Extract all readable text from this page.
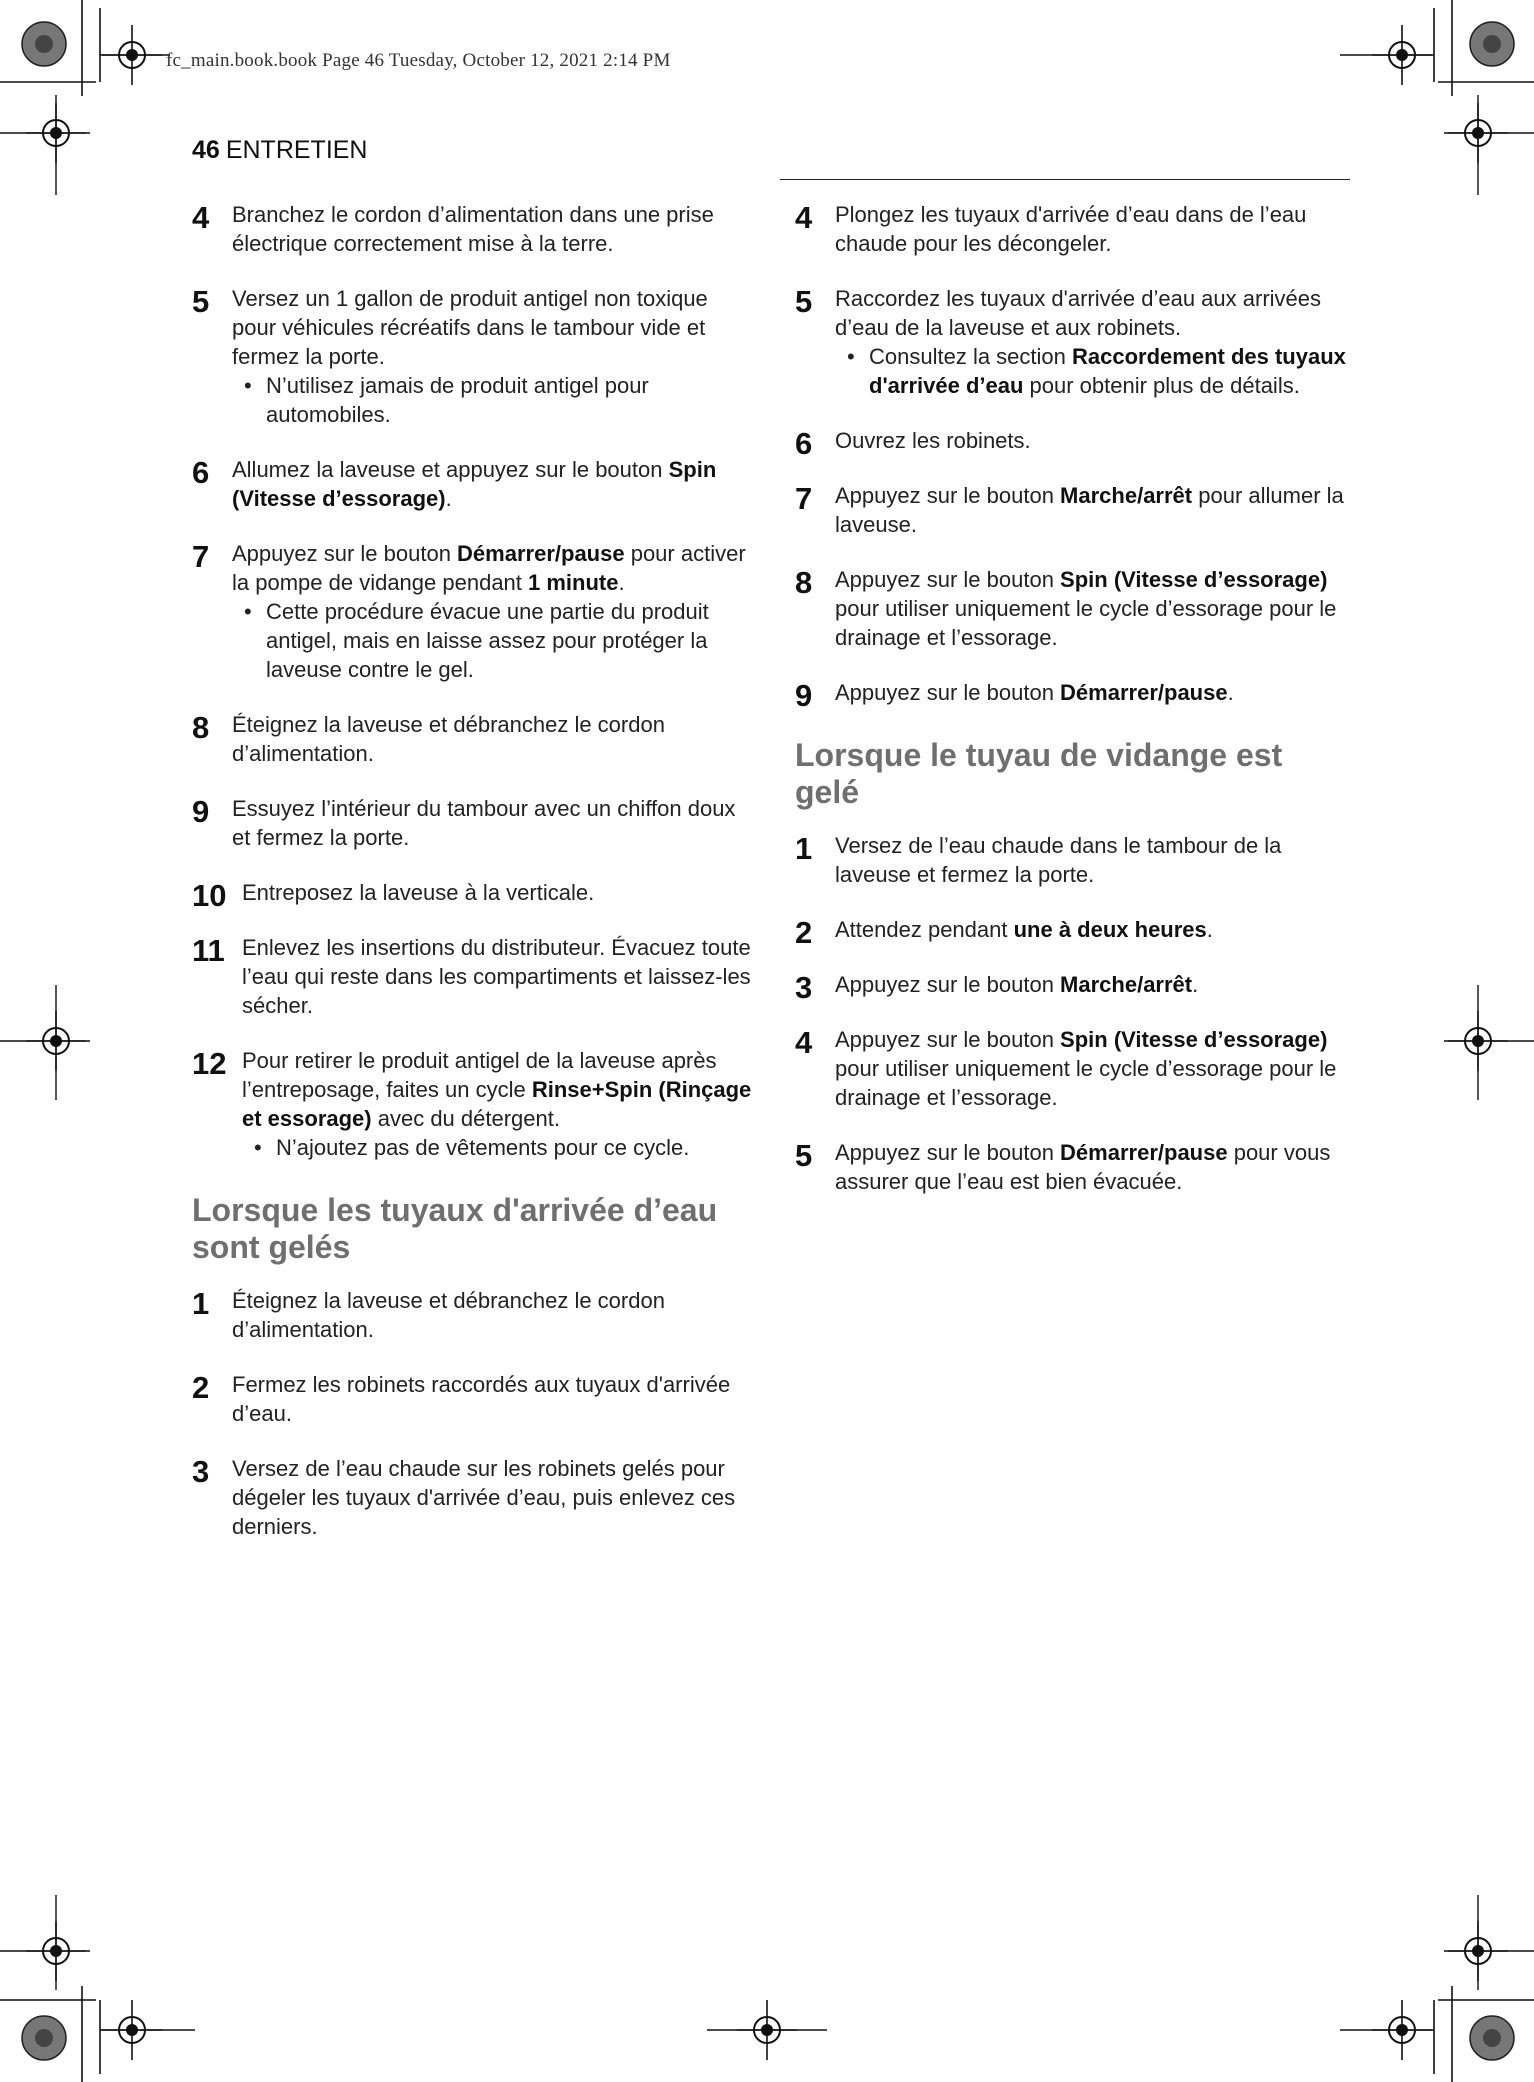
fc_main.book.book Page 46 Tuesday, October 12, 2021 2:14 PM
46 ENTRETIEN
4 Branchez le cordon d’alimentation dans une prise électrique correctement mise à la terre.

5 Versez un 1 gallon de produit antigel non toxique pour véhicules récréatifs dans le tambour vide et fermez la porte.

• N’utilisez jamais de produit antigel pour automobiles.

6 Allumez la laveuse et appuyez sur le bouton Spin (Vitesse d’essorage).

7 Appuyez sur le bouton Démarrer/pause pour activer la pompe de vidange pendant 1 minute.

• Cette procédure évacue une partie du produit antigel, mais en laisse assez pour protéger la laveuse contre le gel.

8 Éteignez la laveuse et débranchez le cordon d’alimentation.

9 Essuyez l’intérieur du tambour avec un chiffon doux et fermez la porte.

10 Entreposez la laveuse à la verticale.

11 Enlevez les insertions du distributeur. Évacuez toute l’eau qui reste dans les compartiments et laissez-les sécher.

12 Pour retirer le produit antigel de la laveuse après l’entreposage, faites un cycle Rinse+Spin (Rinçage et essorage) avec du détergent.

• N’ajoutez pas de vêtements pour ce cycle.

Lorsque les tuyaux d'arrivée d’eau sont gelés
1 Éteignez la laveuse et débranchez le cordon d’alimentation.

2 Fermez les robinets raccordés aux tuyaux d'arrivée d’eau.

3 Versez de l’eau chaude sur les robinets gelés pour dégeler les tuyaux d'arrivée d’eau, puis enlevez ces derniers.

4 Plongez les tuyaux d'arrivée d’eau dans de l’eau chaude pour les décongeler.

5 Raccordez les tuyaux d'arrivée d’eau aux arrivées d’eau de la laveuse et aux robinets.

• Consultez la section Raccordement des tuyaux d'arrivée d’eau pour obtenir plus de détails.

6 Ouvrez les robinets.

7 Appuyez sur le bouton Marche/arrêt pour allumer la laveuse.

8 Appuyez sur le bouton Spin (Vitesse d’essorage) pour utiliser uniquement le cycle d’essorage pour le drainage et l’essorage.

9 Appuyez sur le bouton Démarrer/pause.

Lorsque le tuyau de vidange est gelé
1 Versez de l’eau chaude dans le tambour de la laveuse et fermez la porte.

2 Attendez pendant une à deux heures.

3 Appuyez sur le bouton Marche/arrêt.

4 Appuyez sur le bouton Spin (Vitesse d’essorage) pour utiliser uniquement le cycle d’essorage pour le drainage et l’essorage.

5 Appuyez sur le bouton Démarrer/pause pour vous assurer que l’eau est bien évacuée.
